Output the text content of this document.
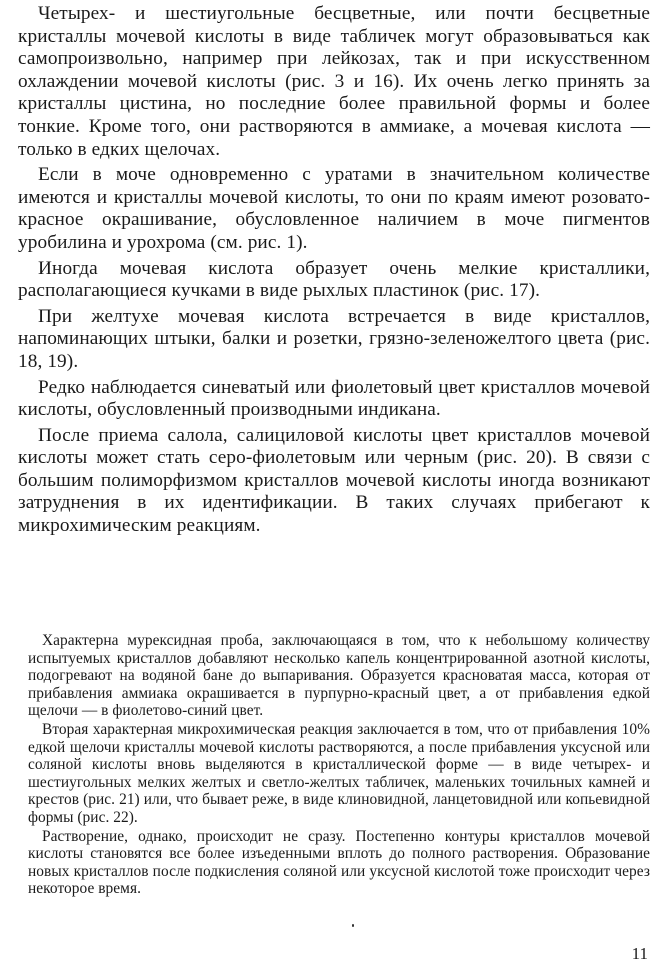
Четырех- и шестиугольные бесцветные, или почти бесцветные кристаллы мочевой кислоты в виде табличек могут образовываться как самопроизвольно, например при лейкозах, так и при искусственном охлаждении мочевой кислоты (рис. 3 и 16). Их очень легко принять за кристаллы цистина, но последние более правильной формы и более тонкие. Кроме того, они растворяются в аммиаке, а мочевая кислота — только в едких щелочах.

Если в моче одновременно с уратами в значительном количестве имеются и кристаллы мочевой кислоты, то они по краям имеют розовато-красное окрашивание, обусловленное наличием в моче пигментов уробилина и урохрома (см. рис. 1).

Иногда мочевая кислота образует очень мелкие кристаллики, располагающиеся кучками в виде рыхлых пластинок (рис. 17).

При желтухе мочевая кислота встречается в виде кристаллов, напоминающих штыки, балки и розетки, грязно-зеленожелтого цвета (рис. 18, 19).

Редко наблюдается синеватый или фиолетовый цвет кристаллов мочевой кислоты, обусловленный производными индикана.

После приема салола, салициловой кислоты цвет кристаллов мочевой кислоты может стать серо-фиолетовым или черным (рис. 20). В связи с большим полиморфизмом кристаллов мочевой кислоты иногда возникают затруднения в их идентификации. В таких случаях прибегают к микрохимическим реакциям.

Характерна мурексидная проба, заключающаяся в том, что к небольшому количеству испытуемых кристаллов добавляют несколько капель концентрированной азотной кислоты, подогревают на водяной бане до выпаривания. Образуется красноватая масса, которая от прибавления аммиака окрашивается в пурпурно-красный цвет, а от прибавления едкой щелочи — в фиолетово-синий цвет.

Вторая характерная микрохимическая реакция заключается в том, что от прибавления 10% едкой щелочи кристаллы мочевой кислоты растворяются, а после прибавления уксусной или соляной кислоты вновь выделяются в кристаллической форме — в виде четырех- и шестиугольных мелких желтых и светло-желтых табличек, маленьких точильных камней и крестов (рис. 21) или, что бывает реже, в виде клиновидной, ланцетовидной или копьевидной формы (рис. 22).

Растворение, однако, происходит не сразу. Постепенно контуры кристаллов мочевой кислоты становятся все более изъеденными вплоть до полного растворения. Образование новых кристаллов после подкисления соляной или уксусной кислотой тоже происходит через некоторое время.

11
